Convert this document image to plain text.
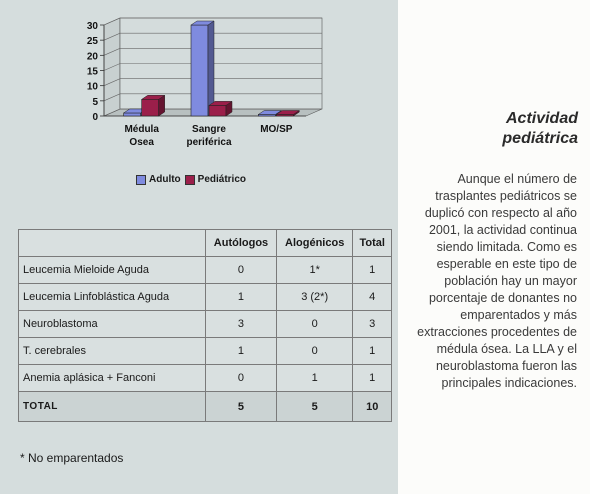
0
5
10
15
20
25
30
Médula
Osea
Sangre
periférica
MO/SP
Adulto Pediátrico
	Autólogos	Alogénicos	Total
Leucemia Mieloide Aguda	0	1*	1
Leucemia Linfoblástica Aguda	1	3 (2*)	4
Neuroblastoma	3	0	3
T. cerebrales	1	0	1
Anemia aplásica + Fanconi	0	1	1
TOTAL	5	5	10
* No emparentados
Actividad
pediátrica
Aunque el número de trasplantes pediátricos se duplicó con respecto al año 2001, la actividad continua siendo limitada. Como es esperable en este tipo de población hay un mayor porcentaje de donantes no emparentados y más extracciones procedentes de médula ósea. La LLA y el neuroblastoma fueron las principales indicaciones.
